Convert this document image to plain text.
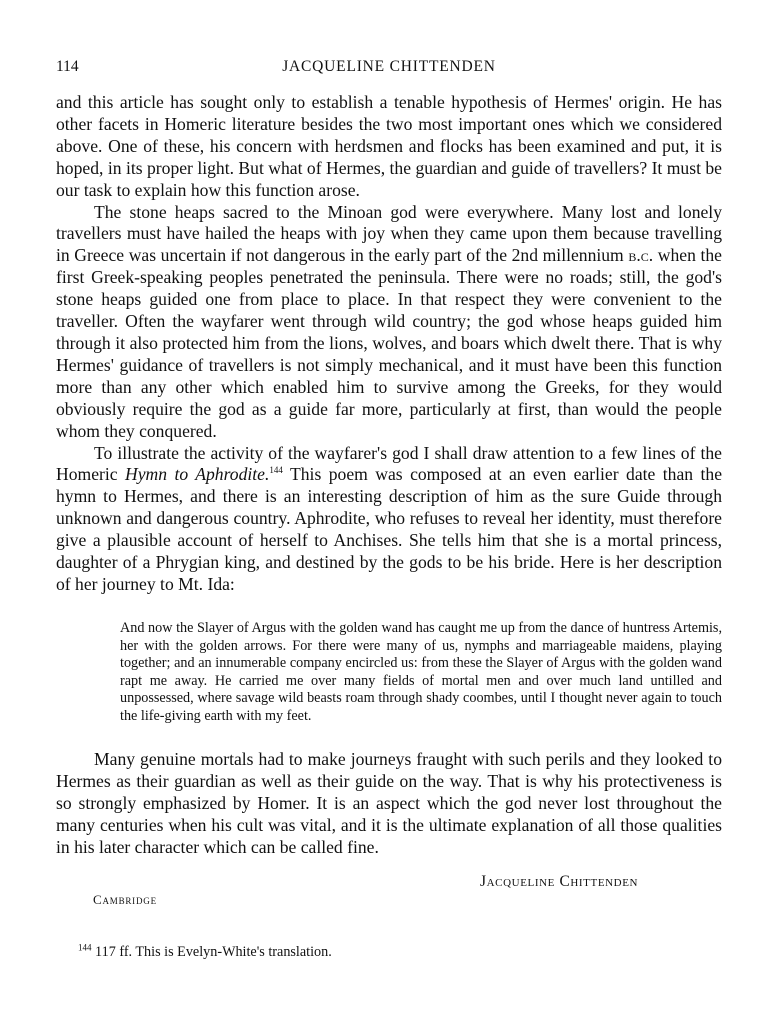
114	JACQUELINE CHITTENDEN

and this article has sought only to establish a tenable hypothesis of Hermes' origin. He has other facets in Homeric literature besides the two most important ones which we considered above. One of these, his concern with herdsmen and flocks has been examined and put, it is hoped, in its proper light. But what of Hermes, the guardian and guide of travellers? It must be our task to explain how this function arose.

The stone heaps sacred to the Minoan god were everywhere. Many lost and lonely travellers must have hailed the heaps with joy when they came upon them because travelling in Greece was uncertain if not dangerous in the early part of the 2nd millennium b.c. when the first Greek-speaking peoples penetrated the peninsula. There were no roads; still, the god's stone heaps guided one from place to place. In that respect they were convenient to the traveller. Often the wayfarer went through wild country; the god whose heaps guided him through it also protected him from the lions, wolves, and boars which dwelt there. That is why Hermes' guidance of travellers is not simply mechanical, and it must have been this function more than any other which enabled him to survive among the Greeks, for they would obviously require the god as a guide far more, particularly at first, than would the people whom they conquered.

To illustrate the activity of the wayfarer's god I shall draw attention to a few lines of the Homeric Hymn to Aphrodite.$^{144}$ This poem was composed at an even earlier date than the hymn to Hermes, and there is an interesting description of him as the sure Guide through unknown and dangerous country. Aphrodite, who refuses to reveal her identity, must therefore give a plausible account of herself to Anchises. She tells him that she is a mortal princess, daughter of a Phrygian king, and destined by the gods to be his bride. Here is her description of her journey to Mt. Ida:

And now the Slayer of Argus with the golden wand has caught me up from the dance of huntress Artemis, her with the golden arrows. For there were many of us, nymphs and marriageable maidens, playing together; and an innumerable company encircled us: from these the Slayer of Argus with the golden wand rapt me away. He carried me over many fields of mortal men and over much land untilled and unpossessed, where savage wild beasts roam through shady coombes, until I thought never again to touch the life-giving earth with my feet.

Many genuine mortals had to make journeys fraught with such perils and they looked to Hermes as their guardian as well as their guide on the way. That is why his protectiveness is so strongly emphasized by Homer. It is an aspect which the god never lost throughout the many centuries when his cult was vital, and it is the ultimate explanation of all those qualities in his later character which can be called fine.

Jacqueline Chittenden
Cambridge
$^{144}$ 117 ff. This is Evelyn-White's translation.
